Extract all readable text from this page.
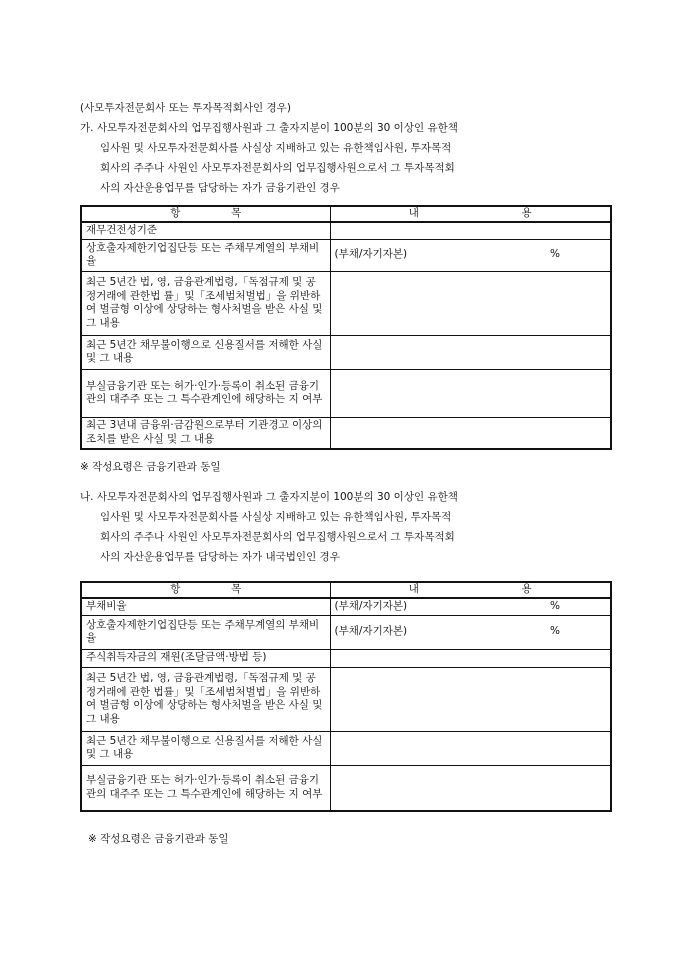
(사모투자전문회사 또는 투자목적회사인 경우)
가. 사모투자전문회사의 업무집행사원과 그 출자지분이 100분의 30 이상인 유한책
임사원 및 사모투자전문회사를 사실상 지배하고 있는 유한책임사원, 투자목적
회사의 주주나 사원인 사모투자전문회사의 업무집행사원으로서 그 투자목적회
사의 자산운용업무를 담당하는 자가 금융기관인 경우
항 목	내 용
재무건전성기준	
상호출자제한기업집단등 또는 주채무계열의 부채비율	(부채/자기자본) %

최근 5년간 법, 영, 금융관계법령,「독점규제 및 공정거래에 관한법 률」및「조세범처벌법」을 위반하여 벌금형 이상에 상당하는 형사처벌을 받은 사실 및 그 내용	
최근 5년간 채무불이행으로 신용질서를 저해한 사실 및 그 내용	
부실금융기관 또는 허가·인가·등록이 취소된 금융기관의 대주주 또는 그 특수관계인에 해당하는 지 여부	
최근 3년내 금융위·금감원으로부터 기관경고 이상의 조치를 받은 사실 및 그 내용	
※ 작성요령은 금융기관과 동일
나. 사모투자전문회사의 업무집행사원과 그 출자지분이 100분의 30 이상인 유한책
임사원 및 사모투자전문회사를 사실상 지배하고 있는 유한책임사원, 투자목적
회사의 주주나 사원인 사모투자전문회사의 업무집행사원으로서 그 투자목적회
사의 자산운용업무를 담당하는 자가 내국법인인 경우
항 목	내 용
부채비율	(부채/자기자본) %

상호출자제한기업집단등 또는 주채무계열의 부채비율	(부채/자기자본) %

주식취득자금의 재원(조달금액·방법 등)	
최근 5년간 법, 영, 금융관계법령,「독점규제 및 공정거래에 관한 법률」및「조세범처벌법」을 위반하여 벌금형 이상에 상당하는 형사처벌을 받은 사실 및 그 내용	
최근 5년간 채무불이행으로 신용질서를 저해한 사실 및 그 내용	
부실금융기관 또는 허가·인가·등록이 취소된 금융기관의 대주주 또는 그 특수관계인에 해당하는 지 여부	
※ 작성요령은 금융기관과 동일
